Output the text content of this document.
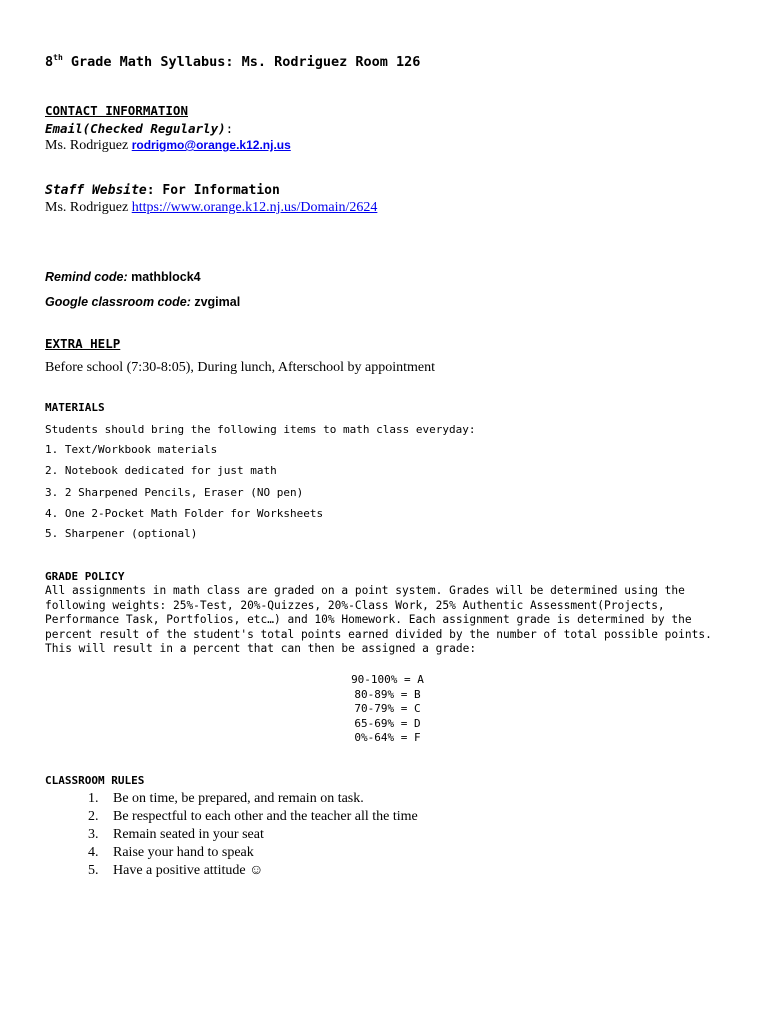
8th Grade Math Syllabus: Ms. Rodriguez Room 126
CONTACT INFORMATION
Email(Checked Regularly):
Ms. Rodriguez rodrigmo@orange.k12.nj.us
Staff Website: For Information
Ms. Rodriguez https://www.orange.k12.nj.us/Domain/2624
Remind code: mathblock4
Google classroom code: zvgimal
EXTRA HELP
Before school (7:30-8:05), During lunch, Afterschool by appointment
MATERIALS
Students should bring the following items to math class everyday:
1. Text/Workbook materials
2. Notebook dedicated for just math
3. 2 Sharpened Pencils, Eraser (NO pen)
4. One 2-Pocket Math Folder for Worksheets
5. Sharpener (optional)
GRADE POLICY
All assignments in math class are graded on a point system. Grades will be determined using the following weights: 25%-Test, 20%-Quizzes, 20%-Class Work, 25% Authentic Assessment(Projects, Performance Task, Portfolios, etc…) and 10% Homework. Each assignment grade is determined by the percent result of the student's total points earned divided by the number of total possible points. This will result in a percent that can then be assigned a grade:
90-100% = A
80-89% = B
70-79% = C
65-69% = D
0%-64% = F
CLASSROOM RULES
1.	Be on time, be prepared, and remain on task.
2.	Be respectful to each other and the teacher all the time
3.	Remain seated in your seat
4.	Raise your hand to speak
5.	Have a positive attitude ☺
